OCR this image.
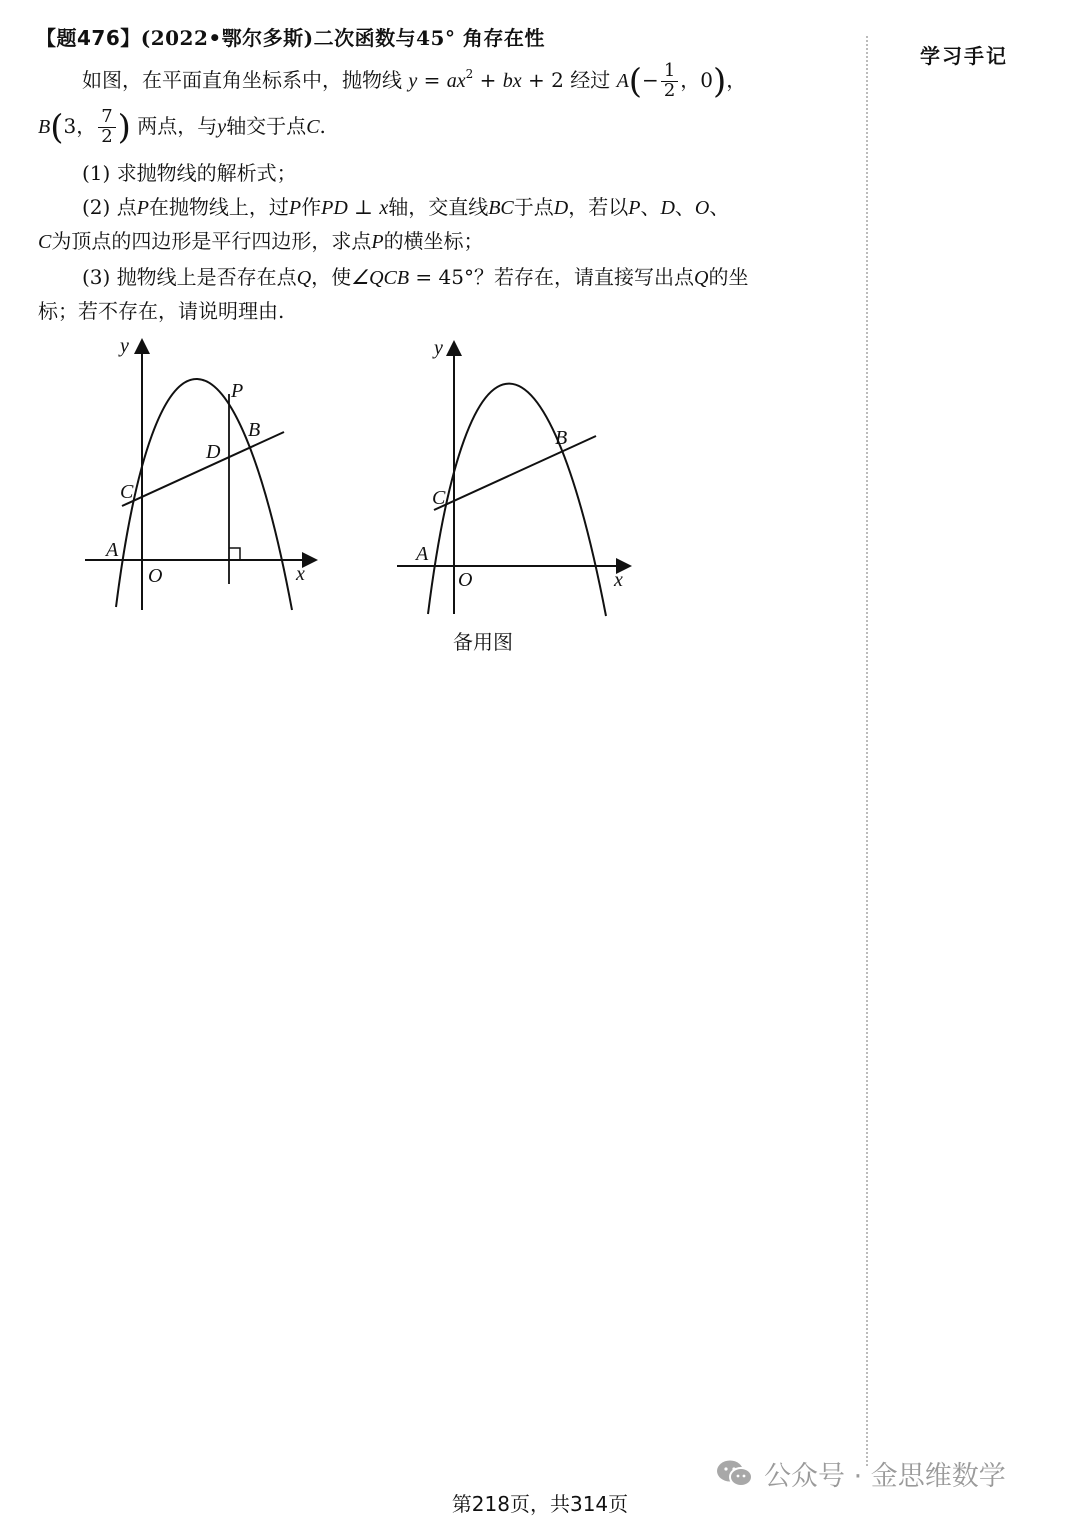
【题476】(2022•鄂尔多斯)二次函数与45° 角存在性
学习手记
如图，在平面直角坐标系中，抛物线 $y = ax^2$ + bx + 2 经过 $A(- \frac{1}{2}$ ，0)，
B(3， $\frac{7}{2}$ ) 两点，与y轴交于点C.
(1) 求抛物线的解析式；
(2) 点P在抛物线上，过P作PD ⊥ x轴，交直线BC于点D，若以P、D、O、
C为顶点的四边形是平行四边形，求点P的横坐标；
(3) 抛物线上是否存在点Q，使∠QCB = 45°？若存在，请直接写出点Q的坐
标；若不存在，请说明理由.
y
x
O
A
C
P
D
B
y
x
O
A
C
B
备用图
公众号 · 金思维数学
第218页，共314页
